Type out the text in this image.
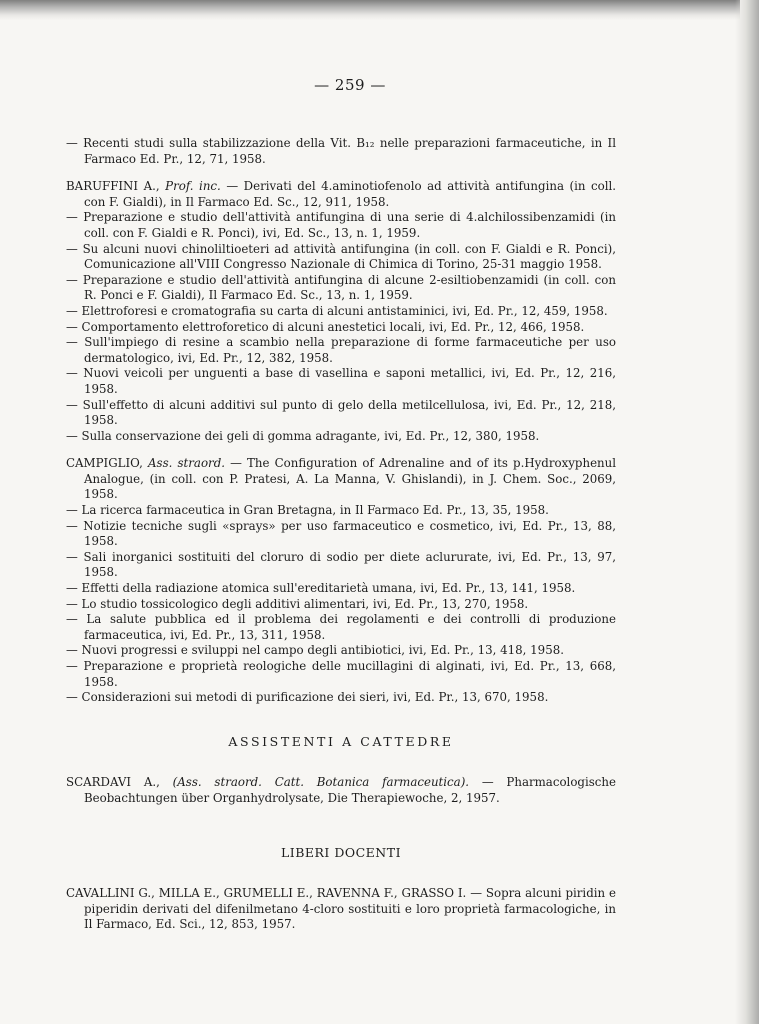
— 259 —

— Recenti studi sulla stabilizzazione della Vit. B₁₂ nelle preparazioni farmaceutiche, in Il Farmaco Ed. Pr., 12, 71, 1958.

BARUFFINI A., Prof. inc. — Derivati del 4.aminotiofenolo ad attività antifungina (in coll. con F. Gialdi), in Il Farmaco Ed. Sc., 12, 911, 1958.

— Preparazione e studio dell'attività antifungina di una serie di 4.alchilossibenzamidi (in coll. con F. Gialdi e R. Ponci), ivi, Ed. Sc., 13, n. 1, 1959.

— Su alcuni nuovi chinoliltioeteri ad attività antifungina (in coll. con F. Gialdi e R. Ponci), Comunicazione all'VIII Congresso Nazionale di Chimica di Torino, 25-31 maggio 1958.

— Preparazione e studio dell'attività antifungina di alcune 2-esiltiobenzamidi (in coll. con R. Ponci e F. Gialdi), Il Farmaco Ed. Sc., 13, n. 1, 1959.

— Elettroforesi e cromatografia su carta di alcuni antistaminici, ivi, Ed. Pr., 12, 459, 1958.

— Comportamento elettroforetico di alcuni anestetici locali, ivi, Ed. Pr., 12, 466, 1958.

— Sull'impiego di resine a scambio nella preparazione di forme farmaceutiche per uso dermatologico, ivi, Ed. Pr., 12, 382, 1958.

— Nuovi veicoli per unguenti a base di vasellina e saponi metallici, ivi, Ed. Pr., 12, 216, 1958.

— Sull'effetto di alcuni additivi sul punto di gelo della metilcellulosa, ivi, Ed. Pr., 12, 218, 1958.

— Sulla conservazione dei geli di gomma adragante, ivi, Ed. Pr., 12, 380, 1958.

CAMPIGLIO, Ass. straord. — The Configuration of Adrenaline and of its p.Hydroxyphenul Analogue, (in coll. con P. Pratesi, A. La Manna, V. Ghislandi), in J. Chem. Soc., 2069, 1958.

— La ricerca farmaceutica in Gran Bretagna, in Il Farmaco Ed. Pr., 13, 35, 1958.

— Notizie tecniche sugli «sprays» per uso farmaceutico e cosmetico, ivi, Ed. Pr., 13, 88, 1958.

— Sali inorganici sostituiti del cloruro di sodio per diete aclururate, ivi, Ed. Pr., 13, 97, 1958.

— Effetti della radiazione atomica sull'ereditarietà umana, ivi, Ed. Pr., 13, 141, 1958.

— Lo studio tossicologico degli additivi alimentari, ivi, Ed. Pr., 13, 270, 1958.

— La salute pubblica ed il problema dei regolamenti e dei controlli di produzione farmaceutica, ivi, Ed. Pr., 13, 311, 1958.

— Nuovi progressi e sviluppi nel campo degli antibiotici, ivi, Ed. Pr., 13, 418, 1958.

— Preparazione e proprietà reologiche delle mucillagini di alginati, ivi, Ed. Pr., 13, 668, 1958.

— Considerazioni sui metodi di purificazione dei sieri, ivi, Ed. Pr., 13, 670, 1958.

ASSISTENTI A CATTEDRE

SCARDAVI A., (Ass. straord. Catt. Botanica farmaceutica). — Pharmacologische Beobachtungen über Organhydrolysate, Die Therapiewoche, 2, 1957.

LIBERI DOCENTI

CAVALLINI G., MILLA E., GRUMELLI E., RAVENNA F., GRASSO I. — Sopra alcuni piridin e piperidin derivati del difenilmetano 4-cloro sostituiti e loro proprietà farmacologiche, in Il Farmaco, Ed. Sci., 12, 853, 1957.
